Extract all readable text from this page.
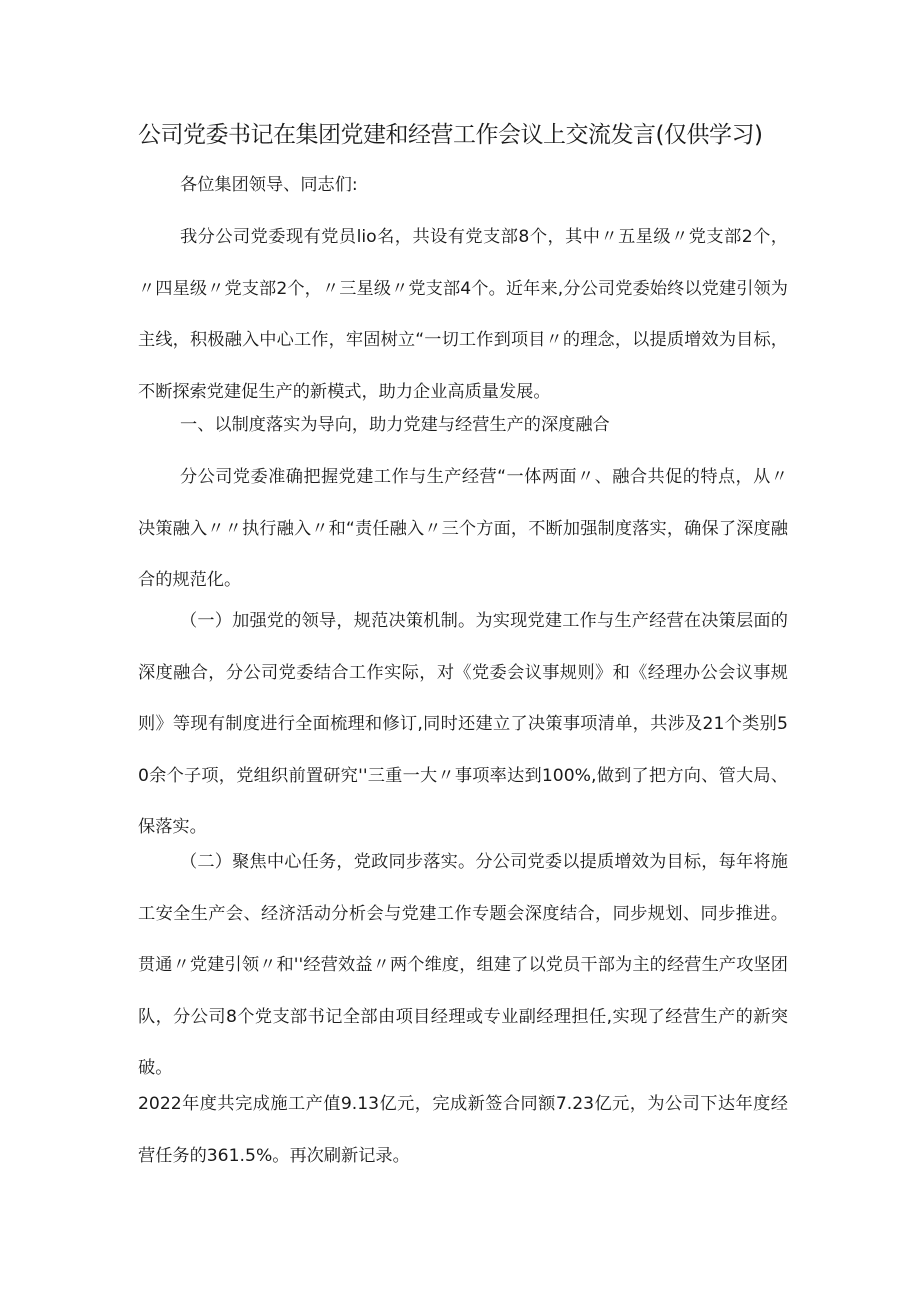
公司党委书记在集团党建和经营工作会议上交流发言(仅供学习)

各位集团领导、同志们:

我分公司党委现有党员lio名，共设有党支部8个，其中〃五星级〃党支部2个，〃四星级〃党支部2个，〃三星级〃党支部4个。近年来,分公司党委始终以党建引领为主线，积极融入中心工作，牢固树立“一切工作到项目〃的理念，以提质增效为目标，不断探索党建促生产的新模式，助力企业高质量发展。

一、以制度落实为导向，助力党建与经营生产的深度融合

分公司党委准确把握党建工作与生产经营“一体两面〃、融合共促的特点，从〃决策融入〃〃执行融入〃和“责任融入〃三个方面，不断加强制度落实，确保了深度融合的规范化。

（一）加强党的领导，规范决策机制。为实现党建工作与生产经营在决策层面的深度融合，分公司党委结合工作实际，对《党委会议事规则》和《经理办公会议事规则》等现有制度进行全面梳理和修订,同时还建立了决策事项清单，共涉及21个类别50余个子项，党组织前置研究''三重一大〃事项率达到100%,做到了把方向、管大局、保落实。

（二）聚焦中心任务，党政同步落实。分公司党委以提质增效为目标，每年将施工安全生产会、经济活动分析会与党建工作专题会深度结合，同步规划、同步推进。贯通〃党建引领〃和''经营效益〃两个维度，组建了以党员干部为主的经营生产攻坚团队，分公司8个党支部书记全部由项目经理或专业副经理担任,实现了经营生产的新突破。

2022年度共完成施工产值9.13亿元，完成新签合同额7.23亿元，为公司下达年度经营任务的361.5%。再次刷新记录。
